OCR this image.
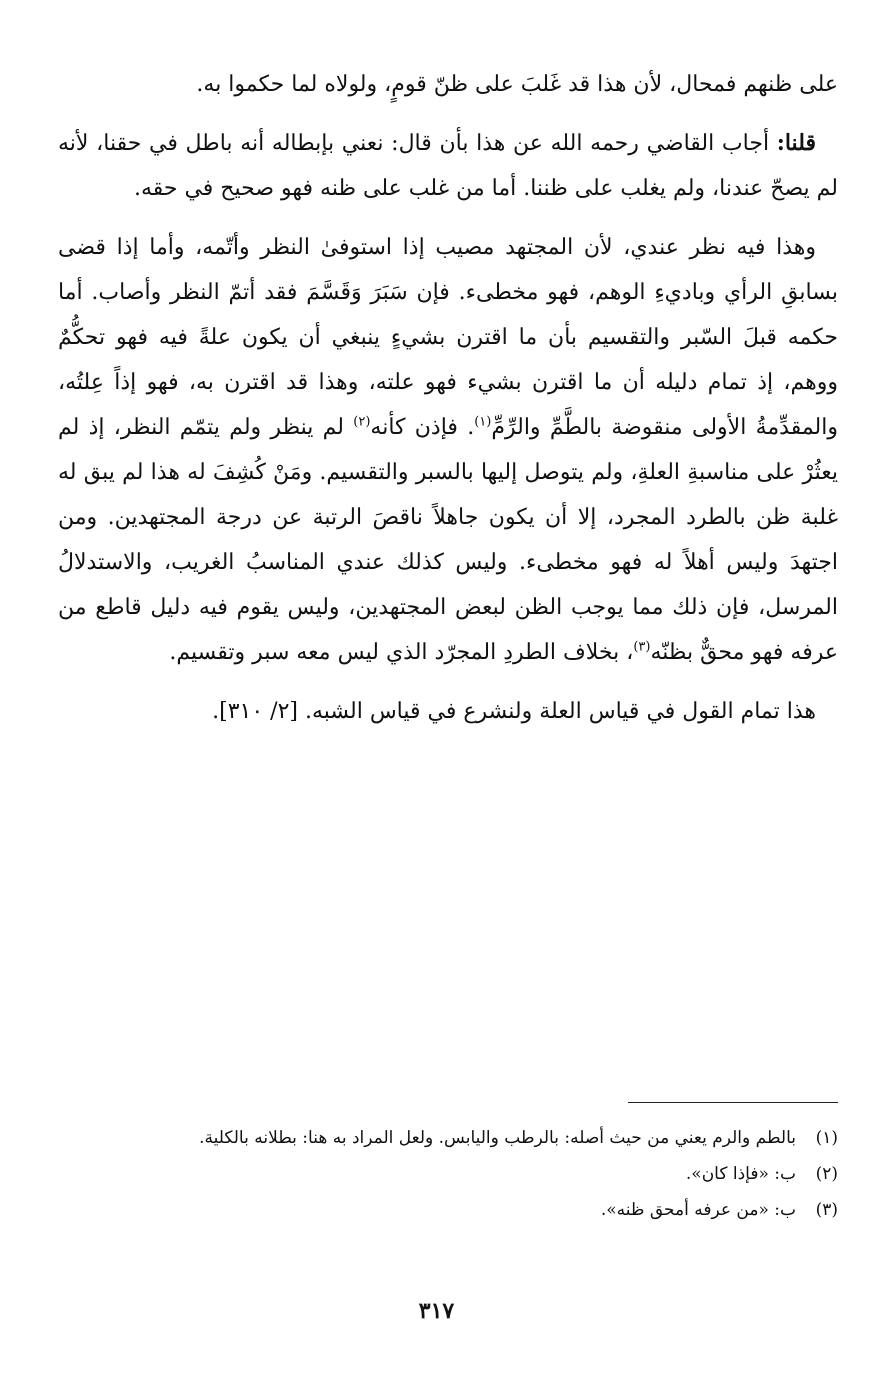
على ظنهم فمحال، لأن هذا قد غَلبَ على ظنّ قومٍ، ولولاه لما حكموا به.

قلنا: أجاب القاضي رحمه الله عن هذا بأن قال: نعني بإبطاله أنه باطل في حقنا، لأنه لم يصحّ عندنا، ولم يغلب على ظننا. أما من غلب على ظنه فهو صحيح في حقه.

وهذا فيه نظر عندي، لأن المجتهد مصيب إذا استوفىٰ النظر وأتّمه، وأما إذا قضى بسابقِ الرأي وباديءِ الوهم، فهو مخطىء. فإن سَبَرَ وَقَسَّمَ فقد أتمّ النظر وأصاب. أما حكمه قبلَ السّبر والتقسيم بأن ما اقترن بشيءٍ ينبغي أن يكون علةً فيه فهو تحكُّمٌ ووهم، إذ تمام دليله أن ما اقترن بشيء فهو علته، وهذا قد اقترن به، فهو إذاً عِلتُه، والمقدِّمةُ الأولى منقوضة بالطَّمِّ والرِّمِّ$^{(١)}$. فإذن كأنه$^{(٢)}$ لم ينظر ولم يتمّم النظر، إذ لم يعثُرْ على مناسبةِ العلةِ، ولم يتوصل إليها بالسبر والتقسيم. ومَنْ كُشِفَ له هذا لم يبق له غلبة ظن بالطرد المجرد، إلا أن يكون جاهلاً ناقصَ الرتبة عن درجة المجتهدين. ومن اجتهدَ وليس أهلاً له فهو مخطىء. وليس كذلك عندي المناسبُ الغريب، والاستدلالُ المرسل، فإن ذلك مما يوجب الظن لبعض المجتهدين، وليس يقوم فيه دليل قاطع من عرفه فهو محقٌّ بظنّه$^{(٣)}$، بخلاف الطردِ المجرّد الذي ليس معه سبر وتقسيم.

هذا تمام القول في قياس العلة ولنشرع في قياس الشبه. [٢/ ٣١٠].

(١)
بالطم والرم يعني من حيث أصله: بالرطب واليابس. ولعل المراد به هنا: بطلانه بالكلية.
(٢)
ب: «فإذا كان».
(٣)
ب: «من عرفه أمحق ظنه».
٣١٧
